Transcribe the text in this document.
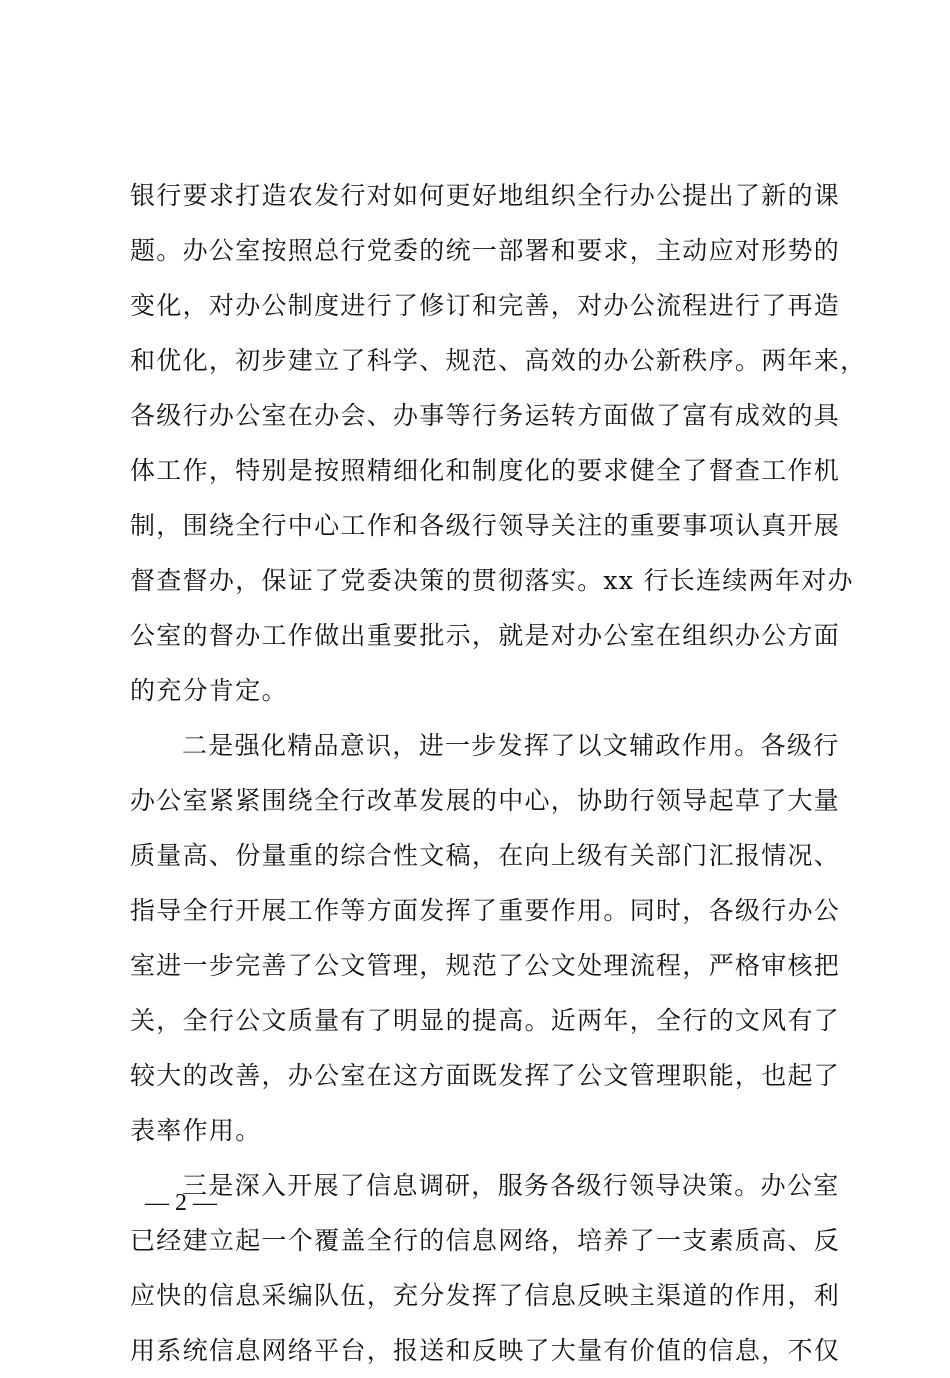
银行要求打造农发行对如何更好地组织全行办公提出了新的课
题。办公室按照总行党委的统一部署和要求，主动应对形势的
变化，对办公制度进行了修订和完善，对办公流程进行了再造
和优化，初步建立了科学、规范、高效的办公新秩序。两年来，
各级行办公室在办会、办事等行务运转方面做了富有成效的具
体工作，特别是按照精细化和制度化的要求健全了督查工作机
制，围绕全行中心工作和各级行领导关注的重要事项认真开展
督查督办，保证了党委决策的贯彻落实。xx 行长连续两年对办
公室的督办工作做出重要批示，就是对办公室在组织办公方面
的充分肯定。

二是强化精品意识，进一步发挥了以文辅政作用。各级行
办公室紧紧围绕全行改革发展的中心，协助行领导起草了大量
质量高、份量重的综合性文稿，在向上级有关部门汇报情况、
指导全行开展工作等方面发挥了重要作用。同时，各级行办公
室进一步完善了公文管理，规范了公文处理流程，严格审核把
关，全行公文质量有了明显的提高。近两年，全行的文风有了
较大的改善，办公室在这方面既发挥了公文管理职能，也起了
表率作用。

三是深入开展了信息调研，服务各级行领导决策。办公室
已经建立起一个覆盖全行的信息网络，培养了一支素质高、反
应快的信息采编队伍，充分发挥了信息反映主渠道的作用，利
用系统信息网络平台，报送和反映了大量有价值的信息，不仅

— 2 —
